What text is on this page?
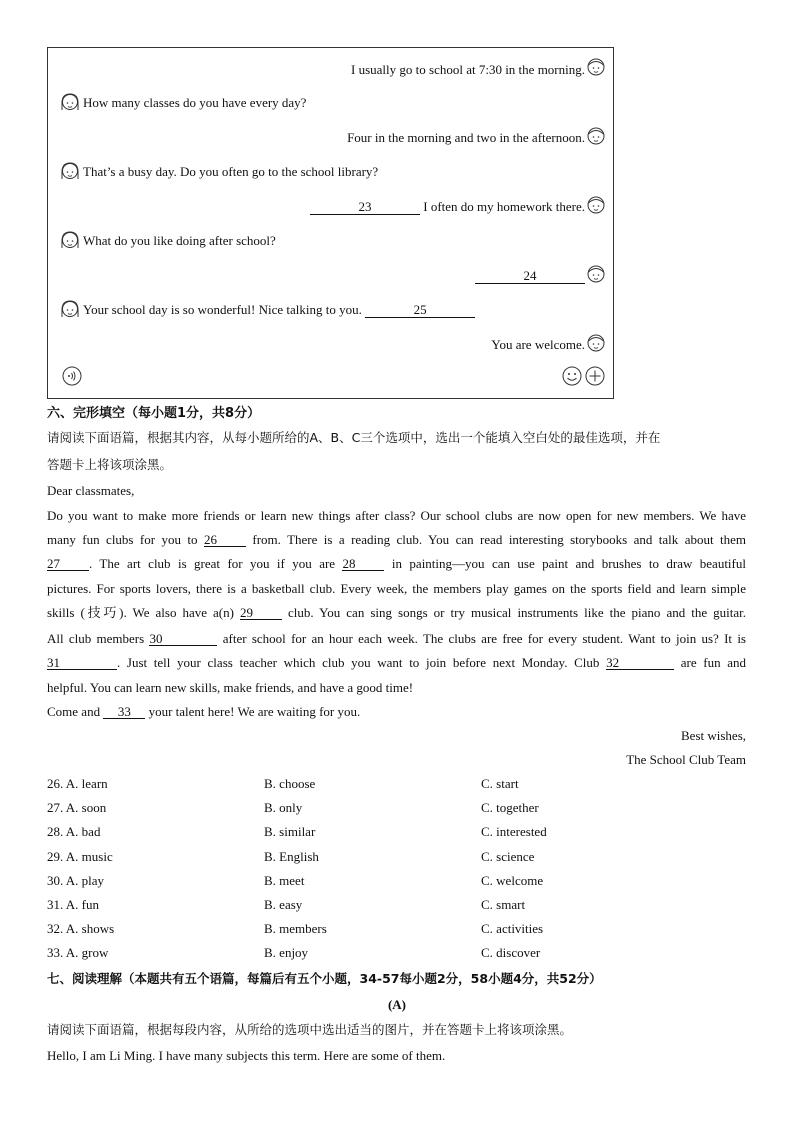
I usually go to school at 7:30 in the morning.
How many classes do you have every day?
Four in the morning and two in the afternoon.
That’s a busy day. Do you often go to the school library?
23	I often do my homework there.
What do you like doing after school?
24
Your school day is so wonderful! Nice talking to you.	25
You are welcome.
六、完形填空（每小题1分，共8分）
请阅读下面语篇，根据其内容，从每小题所给的A、B、C三个选项中，选出一个能填入空白处的最佳选项，并在
答题卡上将该项涂黑。
Dear classmates,
Do you want to make more friends or learn new things after class? Our school clubs are now open for new members. We have
many fun clubs for you to 26 from. There is a reading club. You can read interesting storybooks and talk about them
27 . The art club is great for you if you are 28 in painting—you can use paint and brushes to draw beautiful
pictures. For sports lovers, there is a basketball club. Every week, the members play games on the sports field and learn simple
skills (技巧). We also have a(n) 29 club. You can sing songs or try musical instruments like the piano and the guitar.
All club members 30	after school for an hour each week. The clubs are free for every student. Want to join us? It is
31	. Just tell your class teacher which club you want to join before next Monday. Club 32	are fun and
helpful. You can learn new skills, make friends, and have a good time!
Come and 33 your talent here! We are waiting for you.
Best wishes,
The School Club Team
26. A. learn	B. choose	C. start
27. A. soon	B. only	C. together
28. A. bad	B. similar	C. interested
29. A. music	B. English	C. science
30. A. play	B. meet	C. welcome
31. A. fun	B. easy	C. smart
32. A. shows	B. members	C. activities
33. A. grow	B. enjoy	C. discover
七、阅读理解（本题共有五个语篇，每篇后有五个小题，34-57每小题2分，58小题4分，共52分）
(A)
请阅读下面语篇，根据每段内容，从所给的选项中选出适当的图片，并在答题卡上将该项涂黑。
Hello, I am Li Ming. I have many subjects this term. Here are some of them.
